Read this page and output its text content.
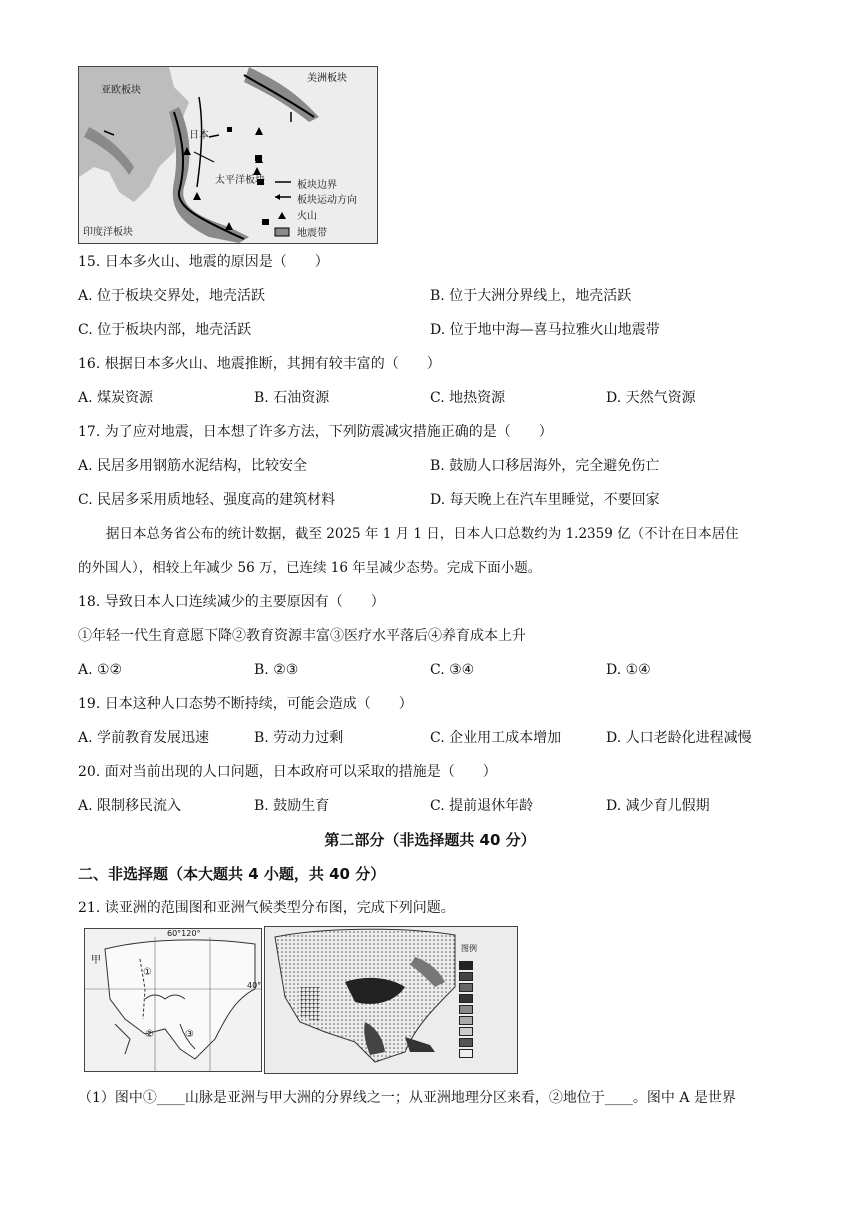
亚欧板块
美洲板块
日本
太平洋板块
印度洋板块
板块边界
板块运动方向
火山
地震带
15. 日本多火山、地震的原因是（　　）
A. 位于板块交界处，地壳活跃	B. 位于大洲分界线上，地壳活跃
C. 位于板块内部，地壳活跃	D. 位于地中海—喜马拉雅火山地震带
16. 根据日本多火山、地震推断，其拥有较丰富的（　　）
A. 煤炭资源	B. 石油资源	C. 地热资源	D. 天然气资源
17. 为了应对地震，日本想了许多方法，下列防震减灾措施正确的是（　　）
A. 民居多用钢筋水泥结构，比较安全	B. 鼓励人口移居海外，完全避免伤亡
C. 民居多采用质地轻、强度高的建筑材料	D. 每天晚上在汽车里睡觉，不要回家
据日本总务省公布的统计数据，截至 2025 年 1 月 1 日，日本人口总数约为 1.2359 亿（不计在日本居住
的外国人），相较上年减少 56 万，已连续 16 年呈减少态势。完成下面小题。
18. 导致日本人口连续减少的主要原因有（　　）
①年轻一代生育意愿下降②教育资源丰富③医疗水平落后④养育成本上升
A. ①②	B. ②③	C. ③④	D. ①④
19. 日本这种人口态势不断持续，可能会造成（　　）
A. 学前教育发展迅速	B. 劳动力过剩	C. 企业用工成本增加	D. 人口老龄化进程减慢
20. 面对当前出现的人口问题，日本政府可以采取的措施是（　　）
A. 限制移民流入	B. 鼓励生育	C. 提前退休年龄	D. 减少育儿假期
第二部分（非选择题共 40 分）
二、非选择题（本大题共 4 小题，共 40 分）
21. 读亚洲的范围图和亚洲气候类型分布图，完成下列问题。
60°120°
甲
①
②	③
40°
图例
（1）图中①____山脉是亚洲与甲大洲的分界线之一；从亚洲地理分区来看，②地位于____。图中 A 是世界
